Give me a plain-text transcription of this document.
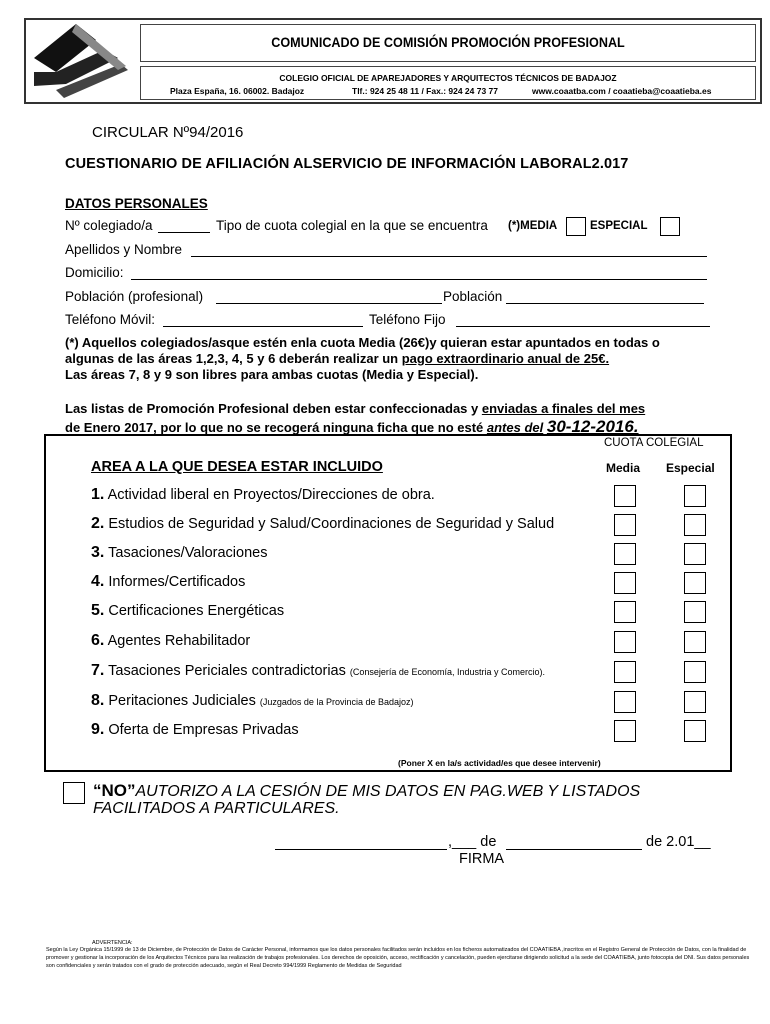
COMUNICADO DE COMISIÓN PROMOCIÓN PROFESIONAL
COLEGIO OFICIAL DE APAREJADORES Y ARQUITECTOS TÉCNICOS DE BADAJOZ
Plaza España, 16. 06002. Badajoz	Tlf.: 924 25 48 11 / Fax.: 924 24 73 77	www.coaatba.com / coaatieba@coaatieba.es
CIRCULAR Nº94/2016
CUESTIONARIO DE AFILIACIÓN ALSERVICIO DE INFORMACIÓN LABORAL2.017
DATOS PERSONALES
Nº colegiado/a	Tipo de cuota colegial en la que se encuentra (*)MEDIA	ESPECIAL
Apellidos y Nombre
Domicilio:
Población (profesional)	Población
Teléfono Móvil:	Teléfono Fijo
(*) Aquellos colegiados/asque estén enla cuota Media (26€)y quieran estar apuntados en todas o
algunas de las áreas 1,2,3, 4, 5 y 6 deberán realizar un pago extraordinario anual de 25€.
Las áreas 7, 8 y 9 son libres para ambas cuotas (Media y Especial).
Las listas de Promoción Profesional deben estar confeccionadas y enviadas a finales del mes
de Enero 2017, por lo que no se recogerá ninguna ficha que no esté antes del 30-12-2016.
CUOTA COLEGIAL
AREA A LA QUE DESEA ESTAR INCLUIDO	Media Especial
1. Actividad liberal en Proyectos/Direcciones de obra.
2. Estudios de Seguridad y Salud/Coordinaciones de Seguridad y Salud
3. Tasaciones/Valoraciones
4. Informes/Certificados
5. Certificaciones Energéticas
6. Agentes Rehabilitador
7. Tasaciones Periciales contradictorias (Consejería de Economía, Industria y Comercio).
8. Peritaciones Judiciales (Juzgados de la Provincia de Badajoz)
9. Oferta de Empresas Privadas
(Poner X en la/s actividad/es que desee intervenir)
“NO”AUTORIZO A LA CESIÓN DE MIS DATOS EN PAG.WEB Y LISTADOS
FACILITADOS A PARTICULARES.
,___ de	de 2.01__
FIRMA
ADVERTENCIA:
Según la Ley Orgánica 15/1999 de 13 de Diciembre, de Protección de Datos de Carácter Personal, informamos que los datos personales facilitados serán incluidos en los ficheros automatizados del COAATIEBA ,inscritos en el Registro General de Protección de Datos, con la finalidad de promover y gestionar la incorporación de los Arquitectos Técnicos para las realización de trabajos profesionales. Los derechos de oposición, acceso, rectificación y cancelación, pueden ejercitarse dirigiendo solicitud a la sede del COAATIEBA, junto fotocopia del DNI. Sus datos personales son confidenciales y serán tratados con el grado de protección adecuado, según el Real Decreto 994/1999 Reglamento de Medidas de Seguridad
